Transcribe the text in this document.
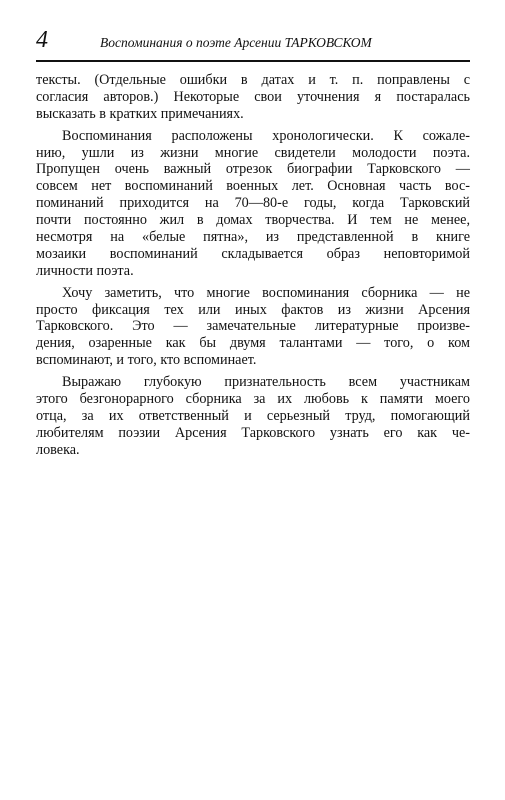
4	Воспоминания о поэте Арсении ТАРКОВСКОМ
тексты. (Отдельные ошибки в датах и т. п. поправлены с
согласия авторов.) Некоторые свои уточнения я постаралась
высказать в кратких примечаниях.
Воспоминания расположены хронологически. К сожале-
нию, ушли из жизни многие свидетели молодости поэта.
Пропущен очень важный отрезок биографии Тарковского —
совсем нет воспоминаний военных лет. Основная часть вос-
поминаний приходится на 70—80-е годы, когда Тарковский
почти постоянно жил в домах творчества. И тем не менее,
несмотря на «белые пятна», из представленной в книге
мозаики воспоминаний складывается образ неповторимой
личности поэта.
Хочу заметить, что многие воспоминания сборника — не
просто фиксация тех или иных фактов из жизни Арсения
Тарковского. Это — замечательные литературные произве-
дения, озаренные как бы двумя талантами — того, о ком
вспоминают, и того, кто вспоминает.
Выражаю глубокую признательность всем участникам
этого безгонорарного сборника за их любовь к памяти моего
отца, за их ответственный и серьезный труд, помогающий
любителям поэзии Арсения Тарковского узнать его как че-
ловека.
